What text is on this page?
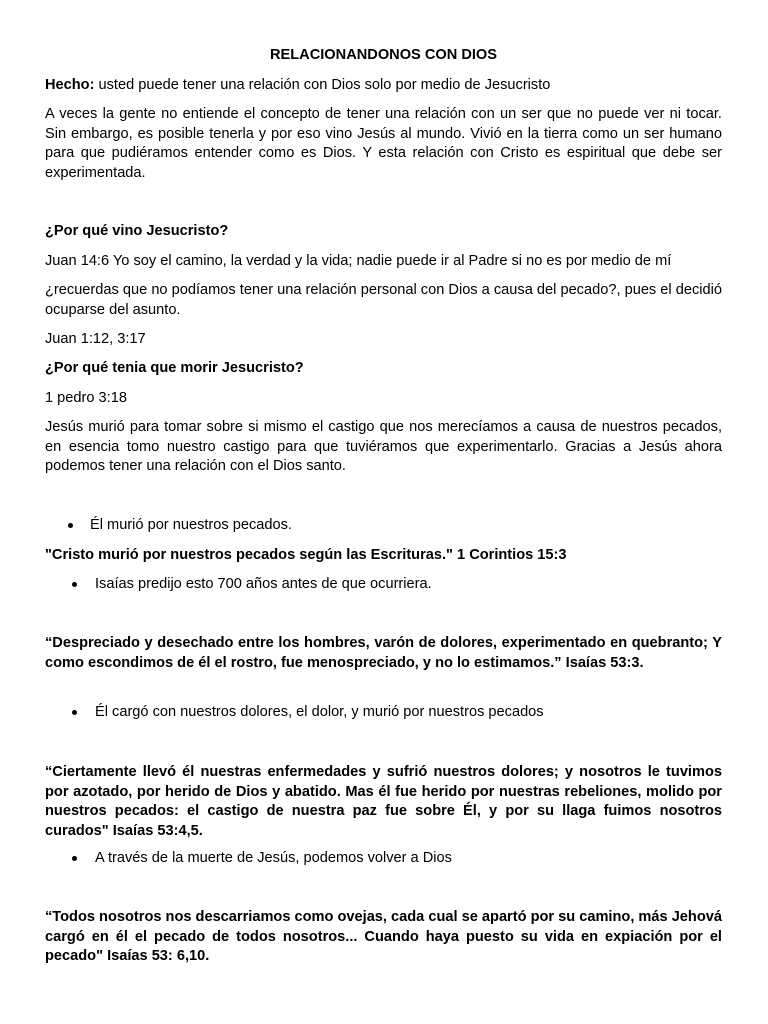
RELACIONANDONOS CON DIOS

Hecho: usted puede tener una relación con Dios solo por medio de Jesucristo

A veces la gente no entiende el concepto de tener una relación con un ser que no puede ver ni tocar. Sin embargo, es posible tenerla y por eso vino Jesús al mundo. Vivió en la tierra como un ser humano para que pudiéramos entender como es Dios. Y esta relación con Cristo es espiritual que debe ser experimentada.

¿Por qué vino Jesucristo?

Juan 14:6 Yo soy el camino, la verdad y la vida; nadie puede ir al Padre si no es por medio de mí

¿recuerdas que no podíamos tener una relación personal con Dios a causa del pecado?, pues el decidió ocuparse del asunto.

Juan 1:12, 3:17

¿Por qué tenia que morir Jesucristo?

1 pedro 3:18

Jesús murió para tomar sobre si mismo el castigo que nos merecíamos a causa de nuestros pecados, en esencia tomo nuestro castigo para que tuviéramos que experimentarlo. Gracias a Jesús ahora podemos tener una relación con el Dios santo.

Él murió por nuestros pecados.

"Cristo murió por nuestros pecados según las Escrituras." 1 Corintios 15:3

Isaías predijo esto 700 años antes de que ocurriera.

“Despreciado y desechado entre los hombres, varón de dolores, experimentado en quebranto; Y como escondimos de él el rostro, fue menospreciado, y no lo estimamos.” Isaías 53:3.

Él cargó con nuestros dolores, el dolor, y murió por nuestros pecados

“Ciertamente llevó él nuestras enfermedades y sufrió nuestros dolores; y nosotros le tuvimos por azotado, por herido de Dios y abatido. Mas él fue herido por nuestras rebeliones, molido por nuestros pecados: el castigo de nuestra paz fue sobre Él, y por su llaga fuimos nosotros curados" Isaías 53:4,5.

A través de la muerte de Jesús, podemos volver a Dios

“Todos nosotros nos descarriamos como ovejas, cada cual se apartó por su camino, más Jehová cargó en él el pecado de todos nosotros... Cuando haya puesto su vida en expiación por el pecado" Isaías 53: 6,10.
